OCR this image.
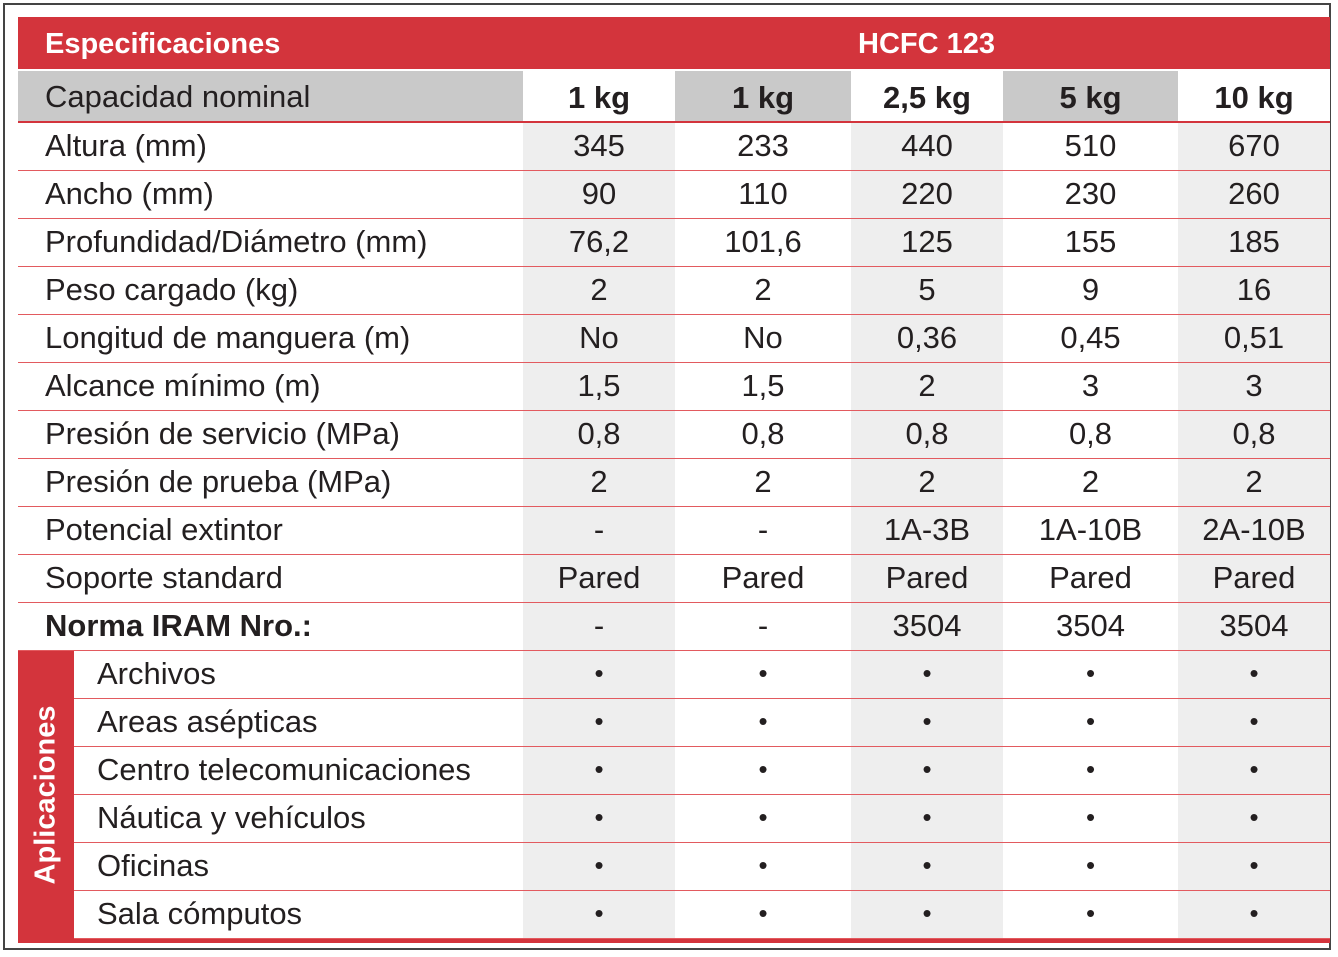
Especificaciones	HCFC 123
Capacidad nominal	1 kg	1 kg	2,5 kg	5 kg	10 kg
Altura (mm)	345	233	440	510	670
Ancho (mm)	90	110	220	230	260
Profundidad/Diámetro (mm)	76,2	101,6	125	155	185
Peso cargado (kg)	2	2	5	9	16
Longitud de manguera (m)	No	No	0,36	0,45	0,51
Alcance mínimo (m)	1,5	1,5	2	3	3
Presión de servicio (MPa)	0,8	0,8	0,8	0,8	0,8
Presión de prueba (MPa)	2	2	2	2	2
Potencial extintor	-	-	1A-3B	1A-10B	2A-10B
Soporte standard	Pared	Pared	Pared	Pared	Pared
Norma IRAM Nro.:	-	-	3504	3504	3504
Aplicaciones
Archivos	•	•	•	•	•
Areas asépticas	•	•	•	•	•
Centro telecomunicaciones	•	•	•	•	•
Náutica y vehículos	•	•	•	•	•
Oficinas	•	•	•	•	•
Sala cómputos	•	•	•	•	•
